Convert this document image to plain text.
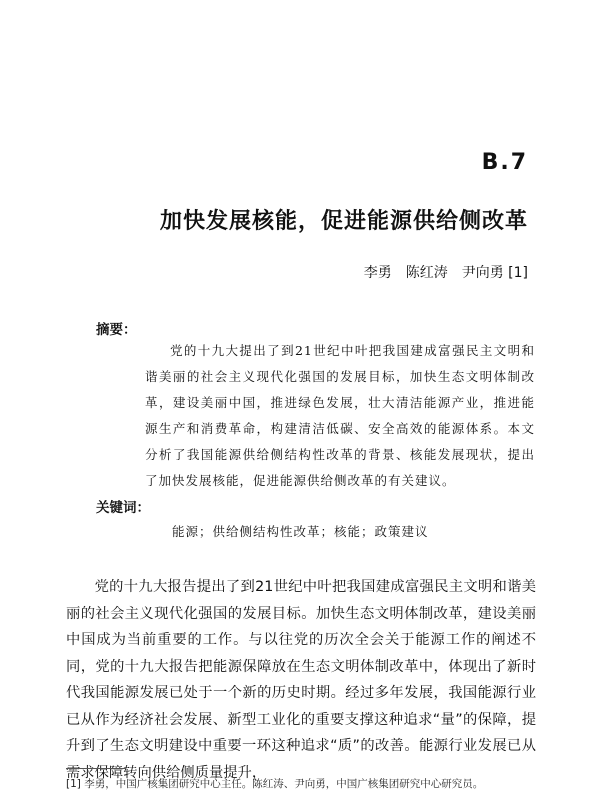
B.7
加快发展核能，促进能源供给侧改革
李勇　陈红涛　尹向勇 [1]
摘要：
党的十九大提出了到21世纪中叶把我国建成富强民主文明和谐美丽的社会主义现代化强国的发展目标，加快生态文明体制改革，建设美丽中国，推进绿色发展，壮大清洁能源产业，推进能源生产和消费革命，构建清洁低碳、安全高效的能源体系。本文分析了我国能源供给侧结构性改革的背景、核能发展现状，提出了加快发展核能，促进能源供给侧改革的有关建议。
关键词：
能源；供给侧结构性改革；核能；政策建议
党的十九大报告提出了到21世纪中叶把我国建成富强民主文明和谐美丽的社会主义现代化强国的发展目标。加快生态文明体制改革，建设美丽中国成为当前重要的工作。与以往党的历次全会关于能源工作的阐述不同，党的十九大报告把能源保障放在生态文明体制改革中，体现出了新时代我国能源发展已处于一个新的历史时期。经过多年发展，我国能源行业已从作为经济社会发展、新型工业化的重要支撑这种追求“量”的保障，提升到了生态文明建设中重要一环这种追求“质”的改善。能源行业发展已从需求保障转向供给侧质量提升，
[1] 李勇，中国广核集团研究中心主任。陈红涛、尹向勇，中国广核集团研究中心研究员。
